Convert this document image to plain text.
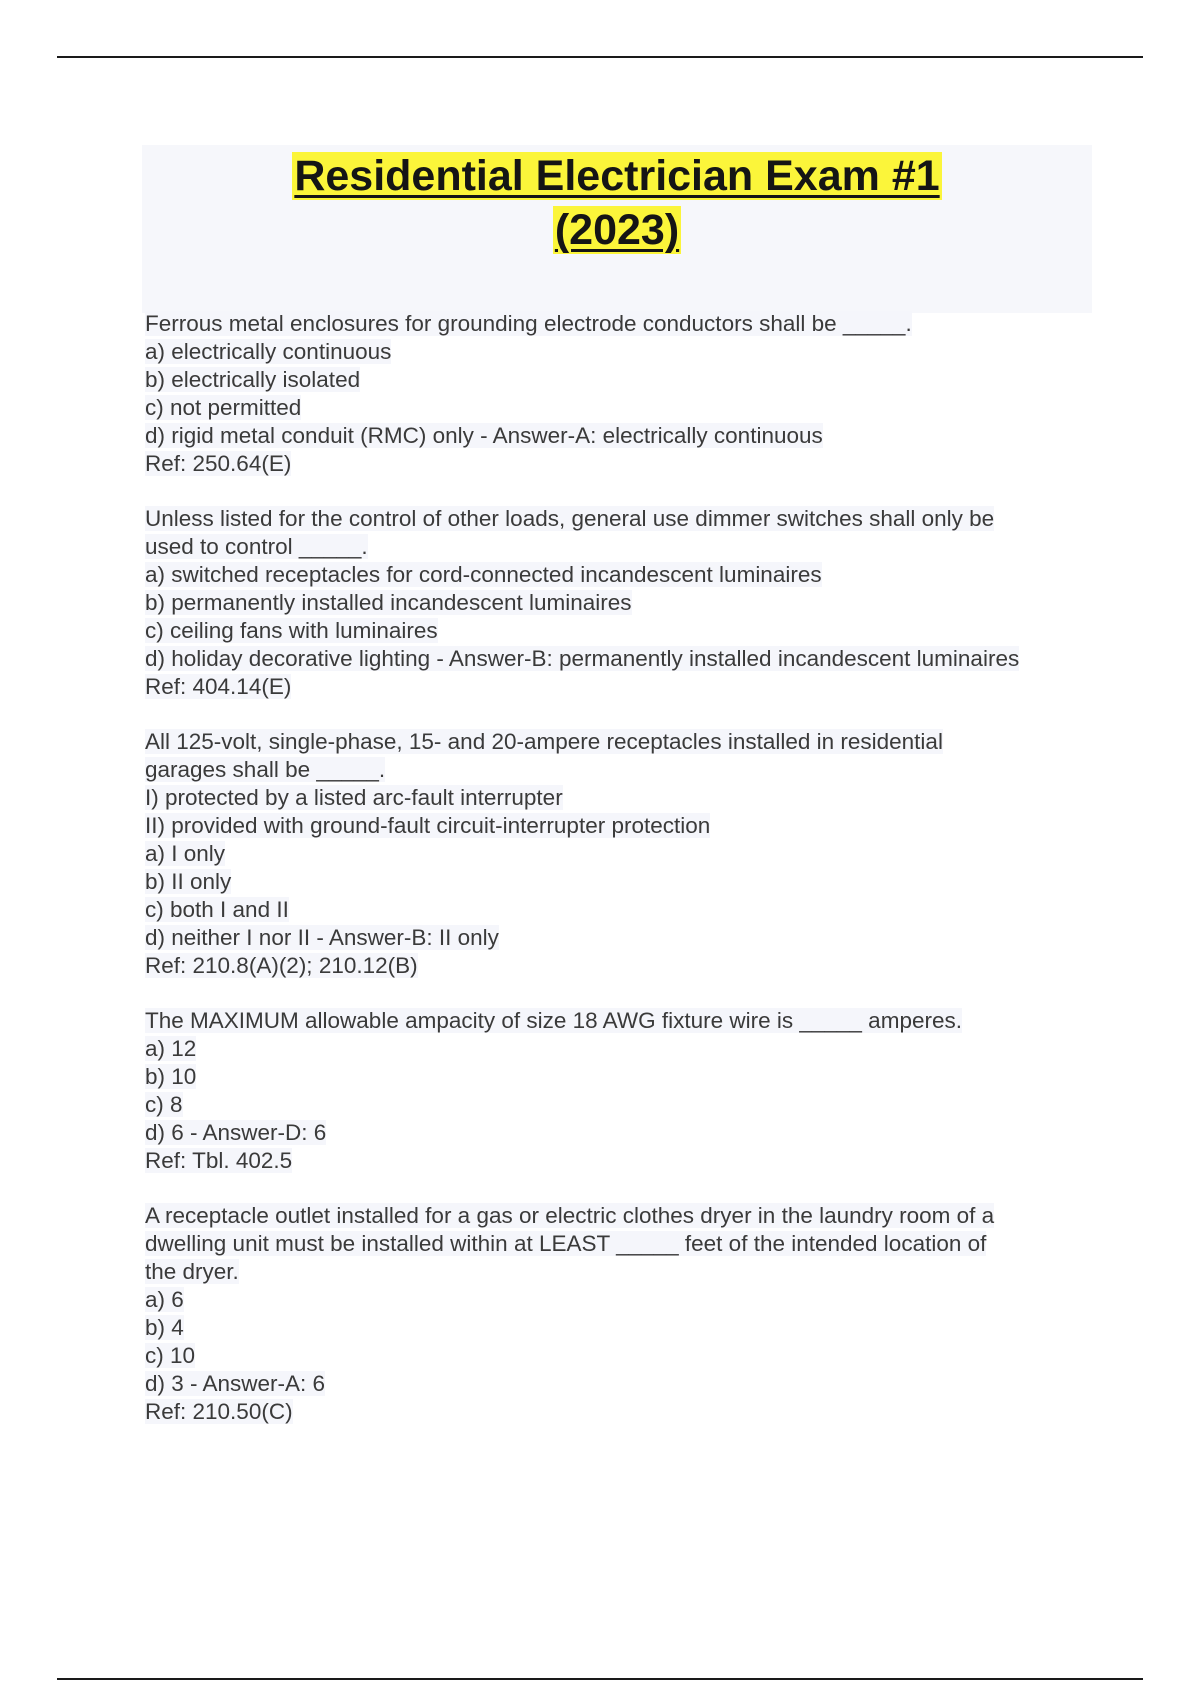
Residential Electrician Exam #1
(2023)
Ferrous metal enclosures for grounding electrode conductors shall be _____.
a) electrically continuous
b) electrically isolated
c) not permitted
d) rigid metal conduit (RMC) only - Answer-A: electrically continuous
Ref: 250.64(E)
Unless listed for the control of other loads, general use dimmer switches shall only be
used to control _____.
a) switched receptacles for cord-connected incandescent luminaires
b) permanently installed incandescent luminaires
c) ceiling fans with luminaires
d) holiday decorative lighting - Answer-B: permanently installed incandescent luminaires
Ref: 404.14(E)
All 125-volt, single-phase, 15- and 20-ampere receptacles installed in residential
garages shall be _____.
I) protected by a listed arc-fault interrupter
II) provided with ground-fault circuit-interrupter protection
a) I only
b) II only
c) both I and II
d) neither I nor II - Answer-B: II only
Ref: 210.8(A)(2); 210.12(B)
The MAXIMUM allowable ampacity of size 18 AWG fixture wire is _____ amperes.
a) 12
b) 10
c) 8
d) 6 - Answer-D: 6
Ref: Tbl. 402.5
A receptacle outlet installed for a gas or electric clothes dryer in the laundry room of a
dwelling unit must be installed within at LEAST _____ feet of the intended location of
the dryer.
a) 6
b) 4
c) 10
d) 3 - Answer-A: 6
Ref: 210.50(C)
